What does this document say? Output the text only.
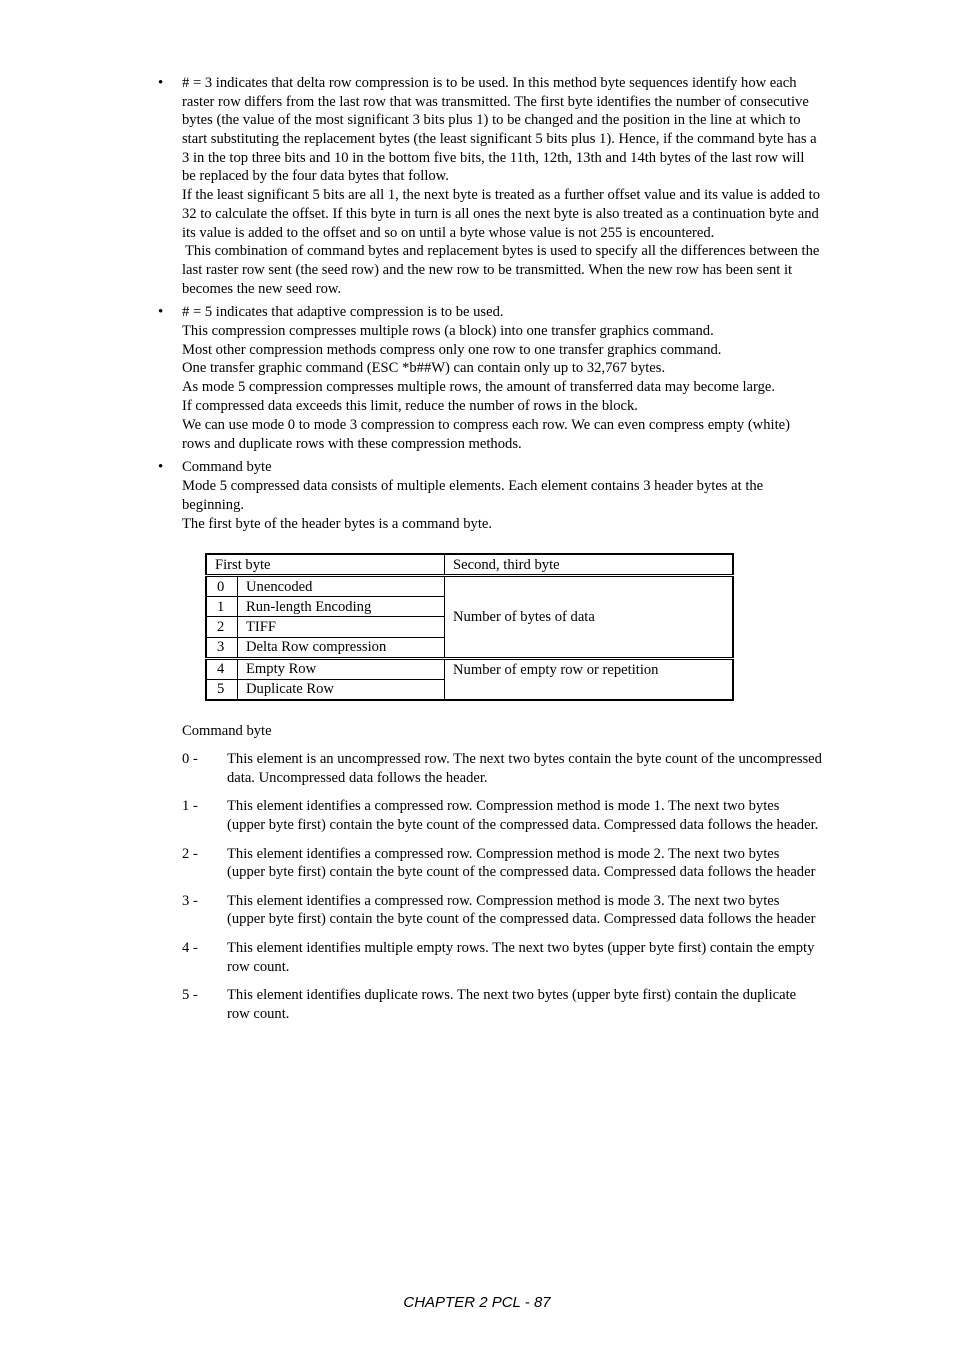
• # = 3 indicates that delta row compression is to be used. In this method byte sequences identify how each
raster row differs from the last row that was transmitted. The first byte identifies the number of consecutive
bytes (the value of the most significant 3 bits plus 1) to be changed and the position in the line at which to
start substituting the replacement bytes (the least significant 5 bits plus 1). Hence, if the command byte has a
3 in the top three bits and 10 in the bottom five bits, the 11th, 12th, 13th and 14th bytes of the last row will
be replaced by the four data bytes that follow.
If the least significant 5 bits are all 1, the next byte is treated as a further offset value and its value is added to
32 to calculate the offset. If this byte in turn is all ones the next byte is also treated as a continuation byte and
its value is added to the offset and so on until a byte whose value is not 255 is encountered.
This combination of command bytes and replacement bytes is used to specify all the differences between the
last raster row sent (the seed row) and the new row to be transmitted. When the new row has been sent it
becomes the new seed row.
• # = 5 indicates that adaptive compression is to be used.
This compression compresses multiple rows (a block) into one transfer graphics command.
Most other compression methods compress only one row to one transfer graphics command.
One transfer graphic command (ESC *b##W) can contain only up to 32,767 bytes.
As mode 5 compression compresses multiple rows, the amount of transferred data may become large.
If compressed data exceeds this limit, reduce the number of rows in the block.
We can use mode 0 to mode 3 compression to compress each row. We can even compress empty (white)
rows and duplicate rows with these compression methods.
• Command byte
Mode 5 compressed data consists of multiple elements. Each element contains 3 header bytes at the
beginning.
The first byte of the header bytes is a command byte.
First byte		Second, third byte
0	Unencoded	Number of bytes of data
1	Run-length Encoding	
2	TIFF	
3	Delta Row compression	
4	Empty Row	Number of empty row or repetition
5	Duplicate Row	
Command byte
0 - This element is an uncompressed row. The next two bytes contain the byte count of the uncompressed
data. Uncompressed data follows the header.
1 - This element identifies a compressed row. Compression method is mode 1. The next two bytes
(upper byte first) contain the byte count of the compressed data. Compressed data follows the header.
2 - This element identifies a compressed row. Compression method is mode 2. The next two bytes
(upper byte first) contain the byte count of the compressed data. Compressed data follows the header
3 - This element identifies a compressed row. Compression method is mode 3. The next two bytes
(upper byte first) contain the byte count of the compressed data. Compressed data follows the header
4 - This element identifies multiple empty rows. The next two bytes (upper byte first) contain the empty
row count.
5 - This element identifies duplicate rows. The next two bytes (upper byte first) contain the duplicate
row count.
CHAPTER 2 PCL - 87
